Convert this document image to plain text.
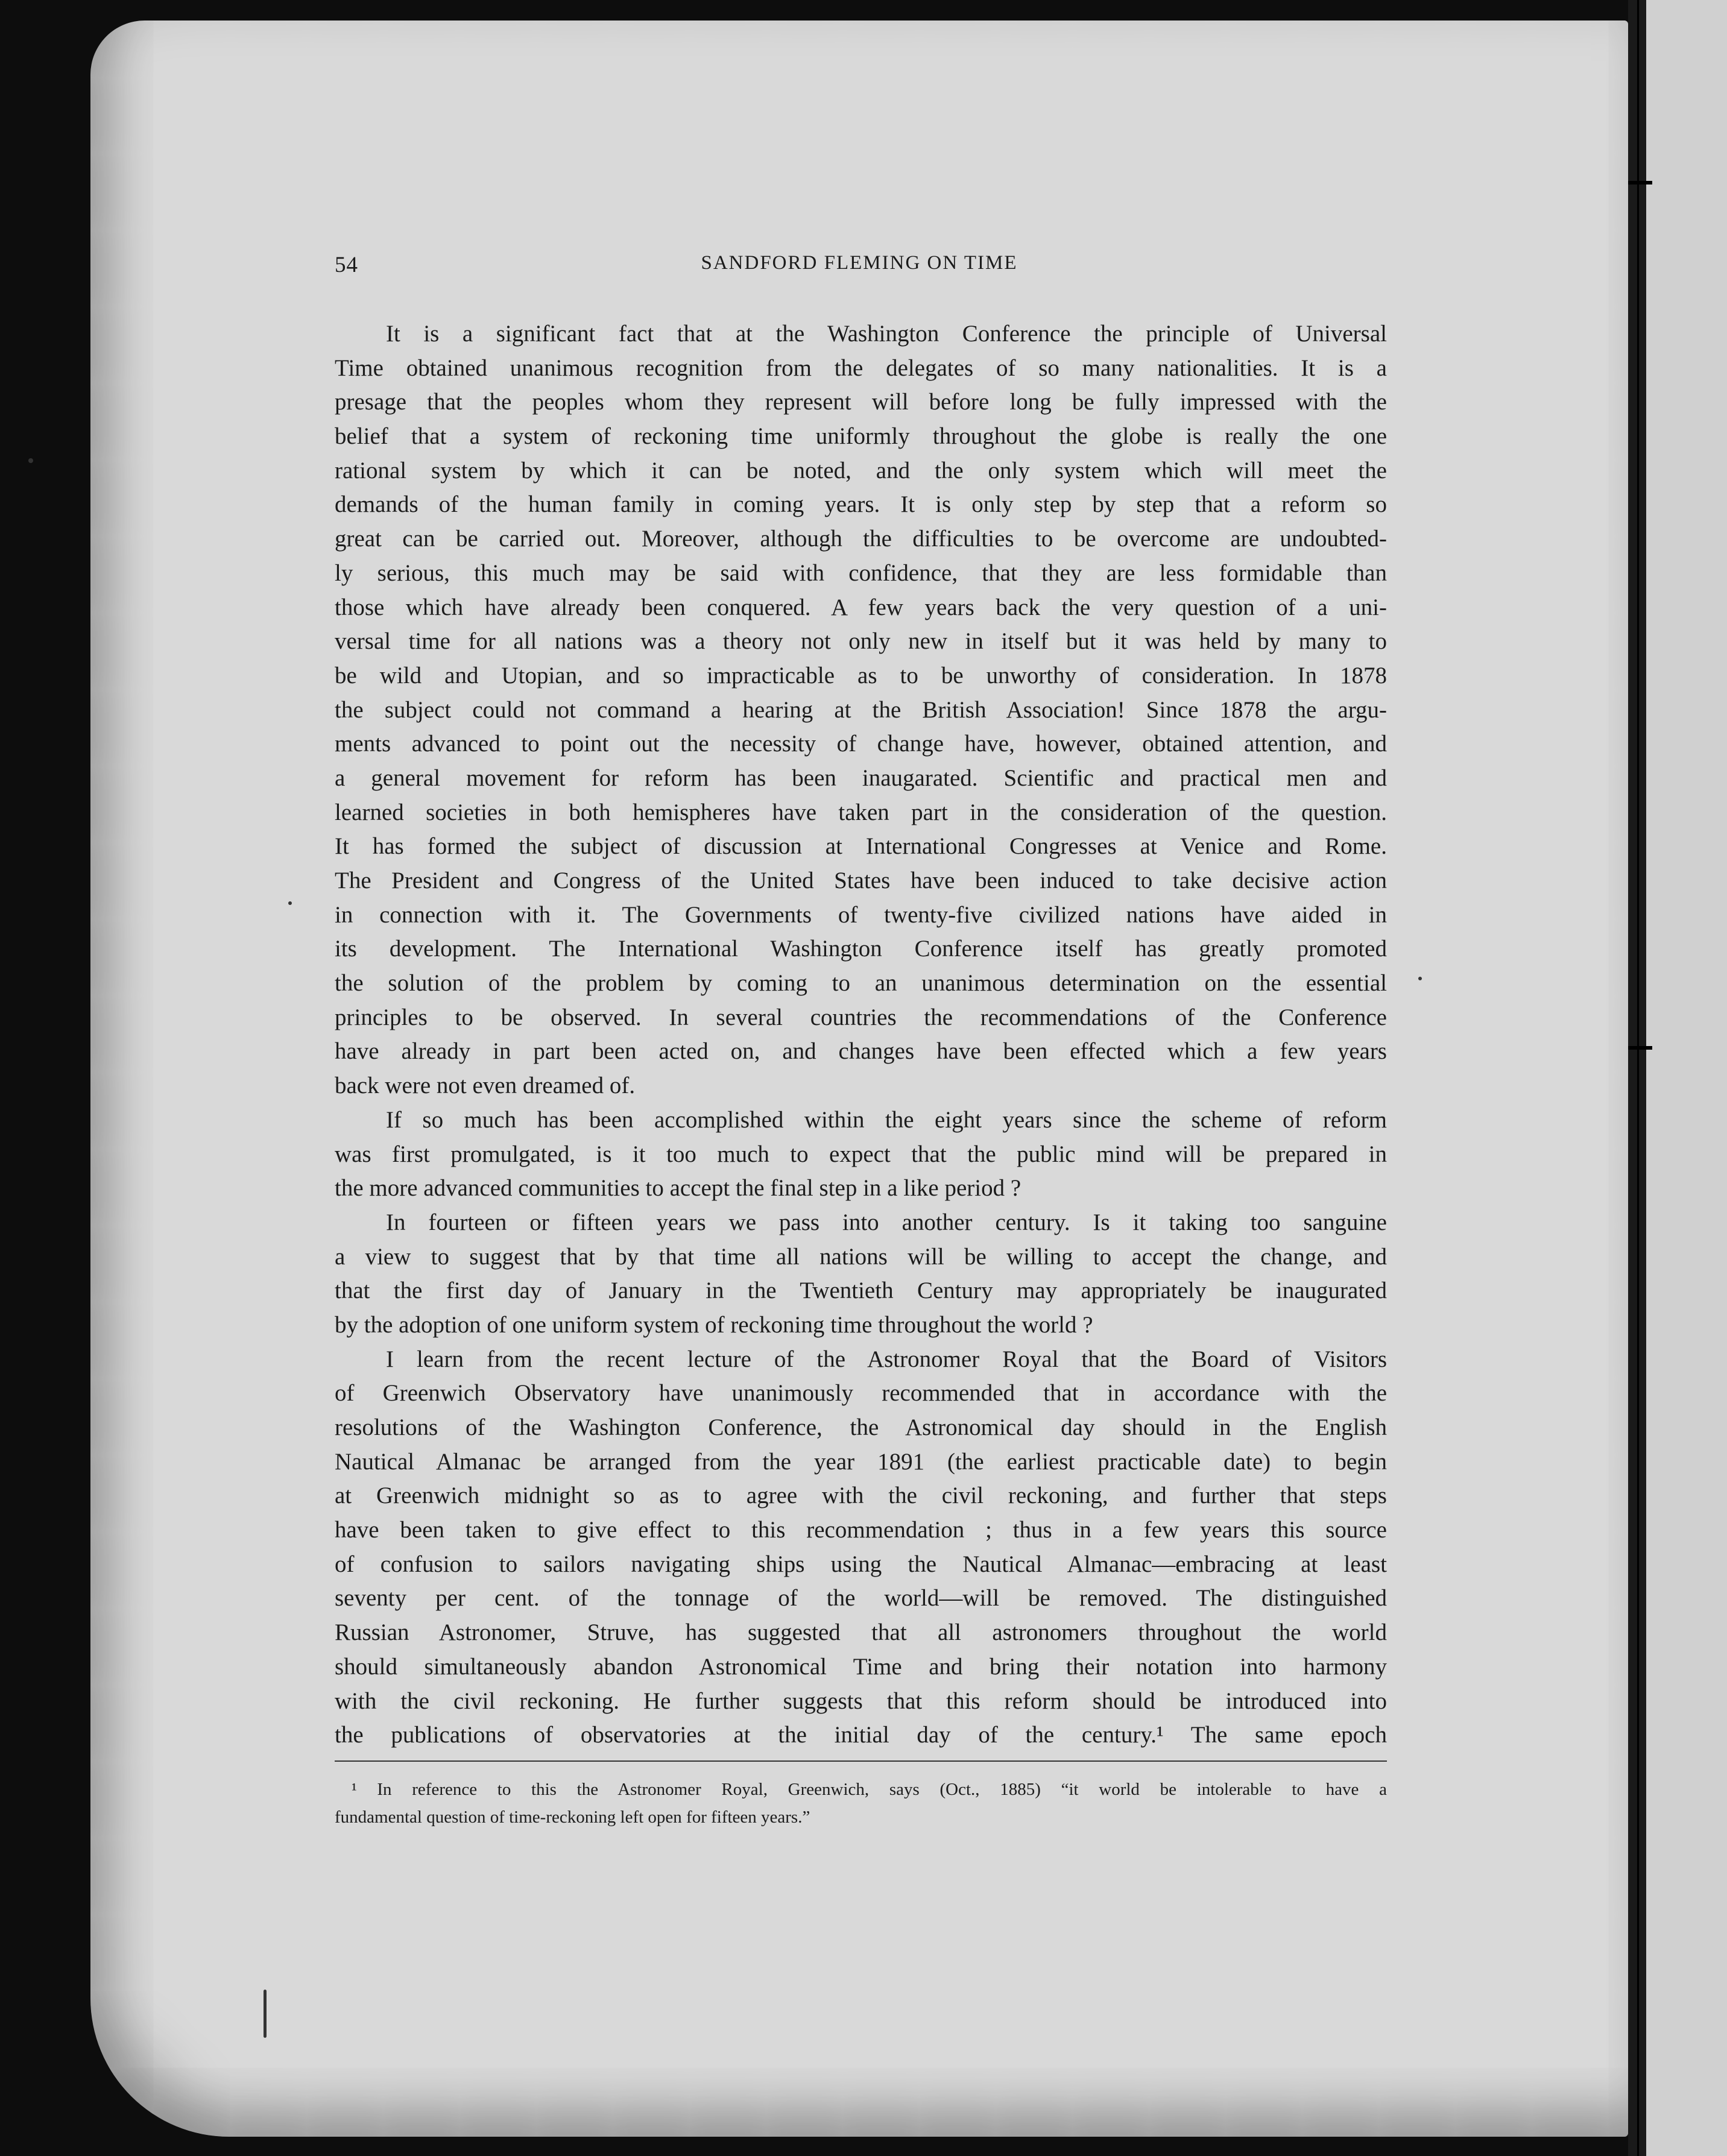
54	SANDFORD FLEMING ON TIME
It is a significant fact that at the Washington Conference the principle of Universal
Time obtained unanimous recognition from the delegates of so many nationalities. It is a
presage that the peoples whom they represent will before long be fully impressed with the
belief that a system of reckoning time uniformly throughout the globe is really the one
rational system by which it can be noted, and the only system which will meet the
demands of the human family in coming years. It is only step by step that a reform so
great can be carried out. Moreover, although the difficulties to be overcome are undoubted-
ly serious, this much may be said with confidence, that they are less formidable than
those which have already been conquered. A few years back the very question of a uni-
versal time for all nations was a theory not only new in itself but it was held by many to
be wild and Utopian, and so impracticable as to be unworthy of consideration. In 1878
the subject could not command a hearing at the British Association! Since 1878 the argu-
ments advanced to point out the necessity of change have, however, obtained attention, and
a general movement for reform has been inaugarated. Scientific and practical men and
learned societies in both hemispheres have taken part in the consideration of the question.
It has formed the subject of discussion at International Congresses at Venice and Rome.
The President and Congress of the United States have been induced to take decisive action
in connection with it. The Governments of twenty-five civilized nations have aided in
its development. The International Washington Conference itself has greatly promoted
the solution of the problem by coming to an unanimous determination on the essential
principles to be observed. In several countries the recommendations of the Conference
have already in part been acted on, and changes have been effected which a few years
back were not even dreamed of.
If so much has been accomplished within the eight years since the scheme of reform
was first promulgated, is it too much to expect that the public mind will be prepared in
the more advanced communities to accept the final step in a like period ?
In fourteen or fifteen years we pass into another century. Is it taking too sanguine
a view to suggest that by that time all nations will be willing to accept the change, and
that the first day of January in the Twentieth Century may appropriately be inaugurated
by the adoption of one uniform system of reckoning time throughout the world ?
I learn from the recent lecture of the Astronomer Royal that the Board of Visitors
of Greenwich Observatory have unanimously recommended that in accordance with the
resolutions of the Washington Conference, the Astronomical day should in the English
Nautical Almanac be arranged from the year 1891 (the earliest practicable date) to begin
at Greenwich midnight so as to agree with the civil reckoning, and further that steps
have been taken to give effect to this recommendation ; thus in a few years this source
of confusion to sailors navigating ships using the Nautical Almanac—embracing at least
seventy per cent. of the tonnage of the world—will be removed. The distinguished
Russian Astronomer, Struve, has suggested that all astronomers throughout the world
should simultaneously abandon Astronomical Time and bring their notation into harmony
with the civil reckoning. He further suggests that this reform should be introduced into
the publications of observatories at the initial day of the century.¹ The same epoch
¹ In reference to this the Astronomer Royal, Greenwich, says (Oct., 1885) “it world be intolerable to have a
fundamental question of time-reckoning left open for fifteen years.”
